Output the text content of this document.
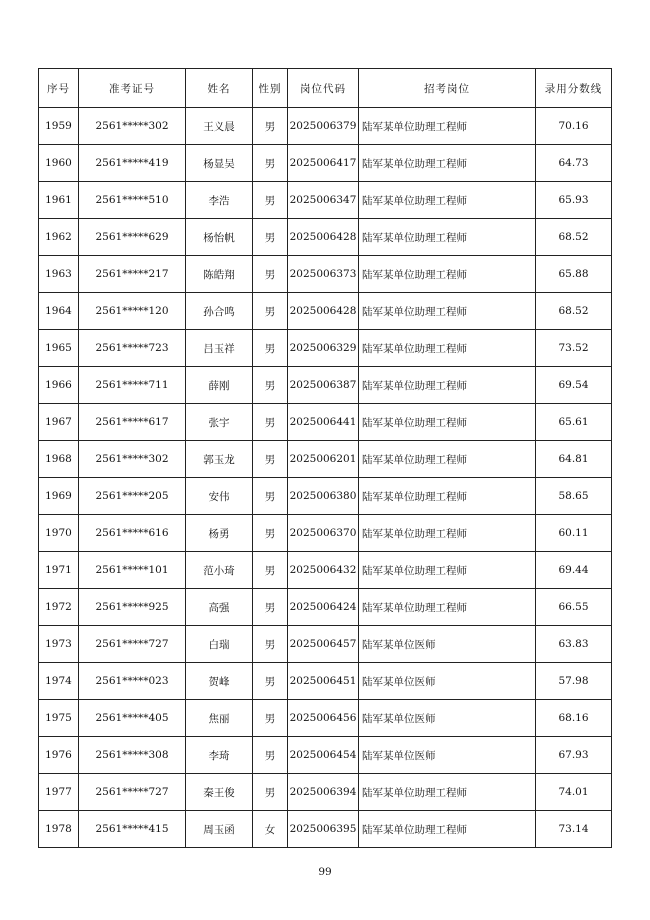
序号	准考证号	姓名	性别	岗位代码	招考岗位	录用分数线
1959	2561*****302	王义晨	男	2025006379	陆军某单位助理工程师	70.16
1960	2561*****419	杨显吴	男	2025006417	陆军某单位助理工程师	64.73
1961	2561*****510	李浩	男	2025006347	陆军某单位助理工程师	65.93
1962	2561*****629	杨怡帆	男	2025006428	陆军某单位助理工程师	68.52
1963	2561*****217	陈皓翔	男	2025006373	陆军某单位助理工程师	65.88
1964	2561*****120	孙合鸣	男	2025006428	陆军某单位助理工程师	68.52
1965	2561*****723	吕玉祥	男	2025006329	陆军某单位助理工程师	73.52
1966	2561*****711	薛刚	男	2025006387	陆军某单位助理工程师	69.54
1967	2561*****617	张宇	男	2025006441	陆军某单位助理工程师	65.61
1968	2561*****302	郭玉龙	男	2025006201	陆军某单位助理工程师	64.81
1969	2561*****205	安伟	男	2025006380	陆军某单位助理工程师	58.65
1970	2561*****616	杨勇	男	2025006370	陆军某单位助理工程师	60.11
1971	2561*****101	范小琦	男	2025006432	陆军某单位助理工程师	69.44
1972	2561*****925	高强	男	2025006424	陆军某单位助理工程师	66.55
1973	2561*****727	白瑞	男	2025006457	陆军某单位医师	63.83
1974	2561*****023	贺峰	男	2025006451	陆军某单位医师	57.98
1975	2561*****405	焦丽	男	2025006456	陆军某单位医师	68.16
1976	2561*****308	李琦	男	2025006454	陆军某单位医师	67.93
1977	2561*****727	秦王俊	男	2025006394	陆军某单位助理工程师	74.01
1978	2561*****415	周玉函	女	2025006395	陆军某单位助理工程师	73.14
99
